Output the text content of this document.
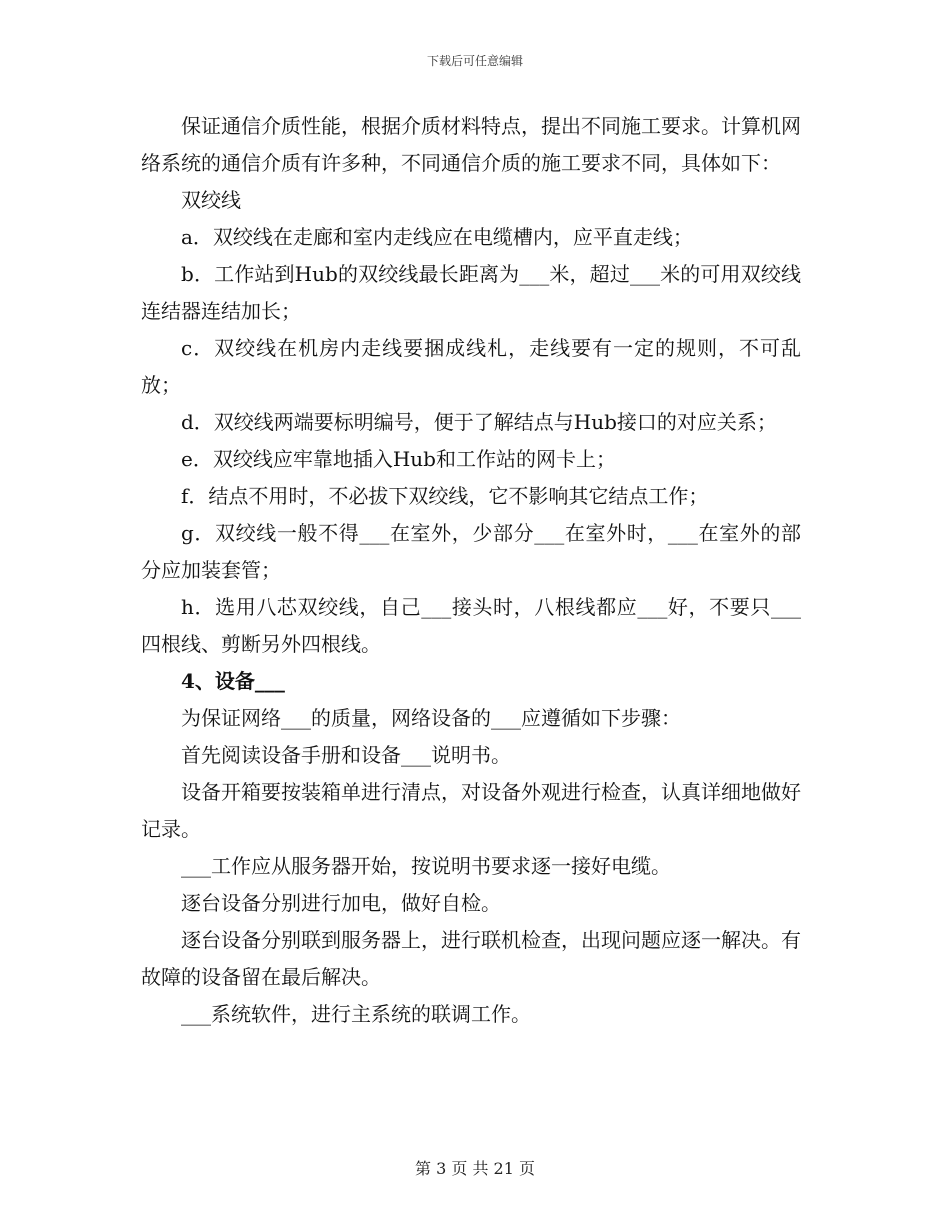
下载后可任意编辑

保证通信介质性能，根据介质材料特点，提出不同施工要求。计算机网络系统的通信介质有许多种，不同通信介质的施工要求不同，具体如下：

双绞线

a．双绞线在走廊和室内走线应在电缆槽内，应平直走线；

b．工作站到Hub的双绞线最长距离为___米，超过___米的可用双绞线连结器连结加长；

c．双绞线在机房内走线要捆成线札，走线要有一定的规则，不可乱放；

d．双绞线两端要标明编号，便于了解结点与Hub接口的对应关系；

e．双绞线应牢靠地插入Hub和工作站的网卡上；

f．结点不用时，不必拔下双绞线，它不影响其它结点工作；

g．双绞线一般不得___在室外，少部分___在室外时，___在室外的部分应加装套管；

h．选用八芯双绞线，自己___接头时，八根线都应___好，不要只___四根线、剪断另外四根线。

4、设备___

为保证网络___的质量，网络设备的___应遵循如下步骤：

首先阅读设备手册和设备___说明书。

设备开箱要按装箱单进行清点，对设备外观进行检查，认真详细地做好记录。

___工作应从服务器开始，按说明书要求逐一接好电缆。

逐台设备分别进行加电，做好自检。

逐台设备分别联到服务器上，进行联机检查，出现问题应逐一解决。有故障的设备留在最后解决。

___系统软件，进行主系统的联调工作。

第 3 页 共 21 页
